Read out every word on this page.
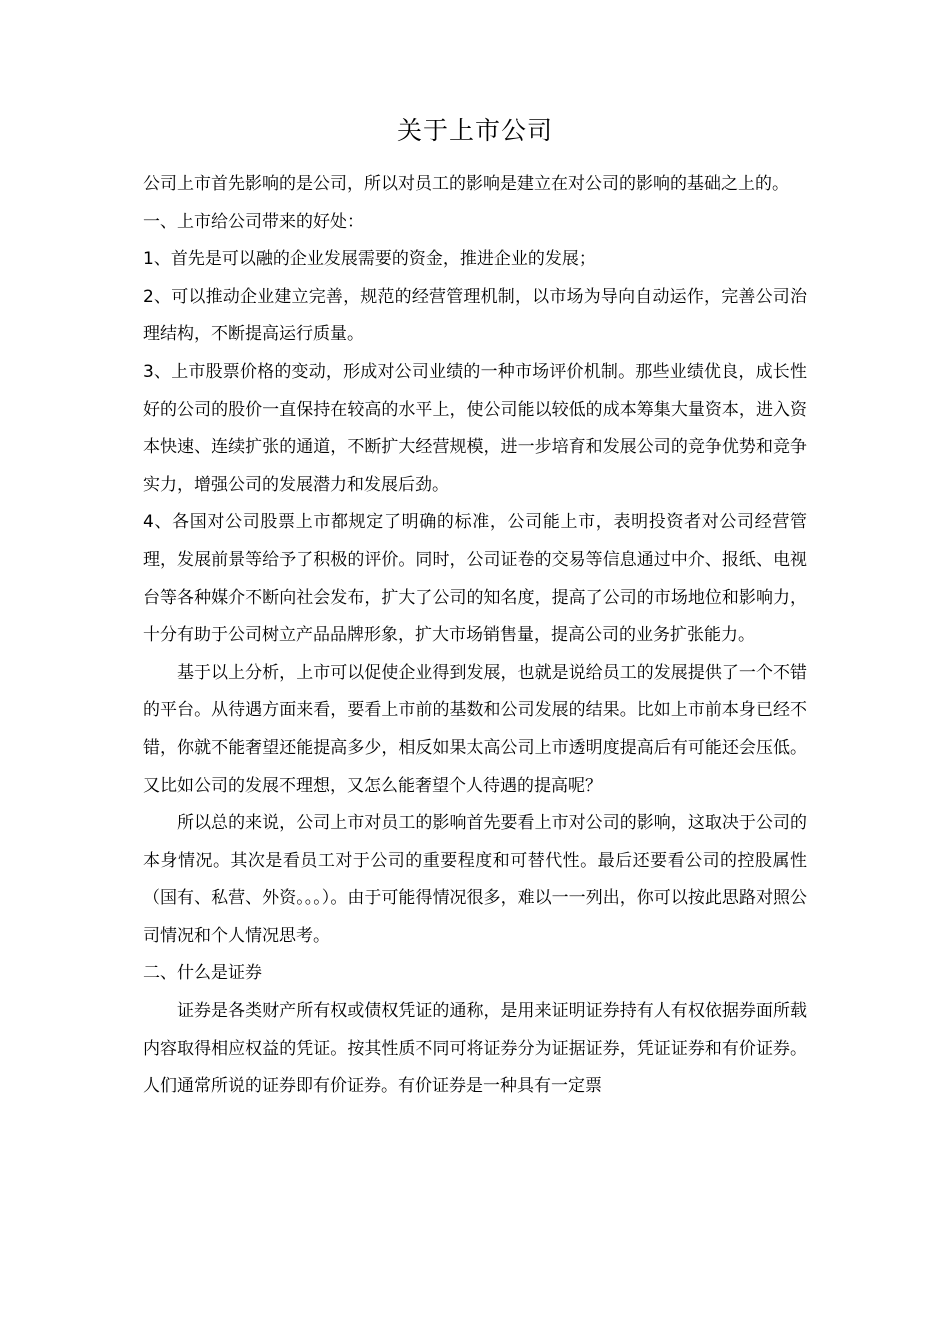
关于上市公司

公司上市首先影响的是公司，所以对员工的影响是建立在对公司的影响的基础之上的。

一、上市给公司带来的好处：

1、首先是可以融的企业发展需要的资金，推进企业的发展；

2、可以推动企业建立完善，规范的经营管理机制，以市场为导向自动运作，完善公司治理结构，不断提高运行质量。

3、上市股票价格的变动，形成对公司业绩的一种市场评价机制。那些业绩优良，成长性好的公司的股价一直保持在较高的水平上，使公司能以较低的成本筹集大量资本，进入资本快速、连续扩张的通道，不断扩大经营规模，进一步培育和发展公司的竞争优势和竞争实力，增强公司的发展潜力和发展后劲。

4、各国对公司股票上市都规定了明确的标准，公司能上市，表明投资者对公司经营管理，发展前景等给予了积极的评价。同时，公司证卷的交易等信息通过中介、报纸、电视台等各种媒介不断向社会发布，扩大了公司的知名度，提高了公司的市场地位和影响力，十分有助于公司树立产品品牌形象，扩大市场销售量，提高公司的业务扩张能力。

基于以上分析，上市可以促使企业得到发展，也就是说给员工的发展提供了一个不错的平台。从待遇方面来看，要看上市前的基数和公司发展的结果。比如上市前本身已经不错，你就不能奢望还能提高多少，相反如果太高公司上市透明度提高后有可能还会压低。又比如公司的发展不理想，又怎么能奢望个人待遇的提高呢？

所以总的来说，公司上市对员工的影响首先要看上市对公司的影响，这取决于公司的本身情况。其次是看员工对于公司的重要程度和可替代性。最后还要看公司的控股属性（国有、私营、外资。。。）。由于可能得情况很多，难以一一列出，你可以按此思路对照公司情况和个人情况思考。

二、什么是证券

证券是各类财产所有权或债权凭证的通称，是用来证明证券持有人有权依据券面所载内容取得相应权益的凭证。按其性质不同可将证券分为证据证券，凭证证券和有价证券。人们通常所说的证券即有价证券。有价证券是一种具有一定票
